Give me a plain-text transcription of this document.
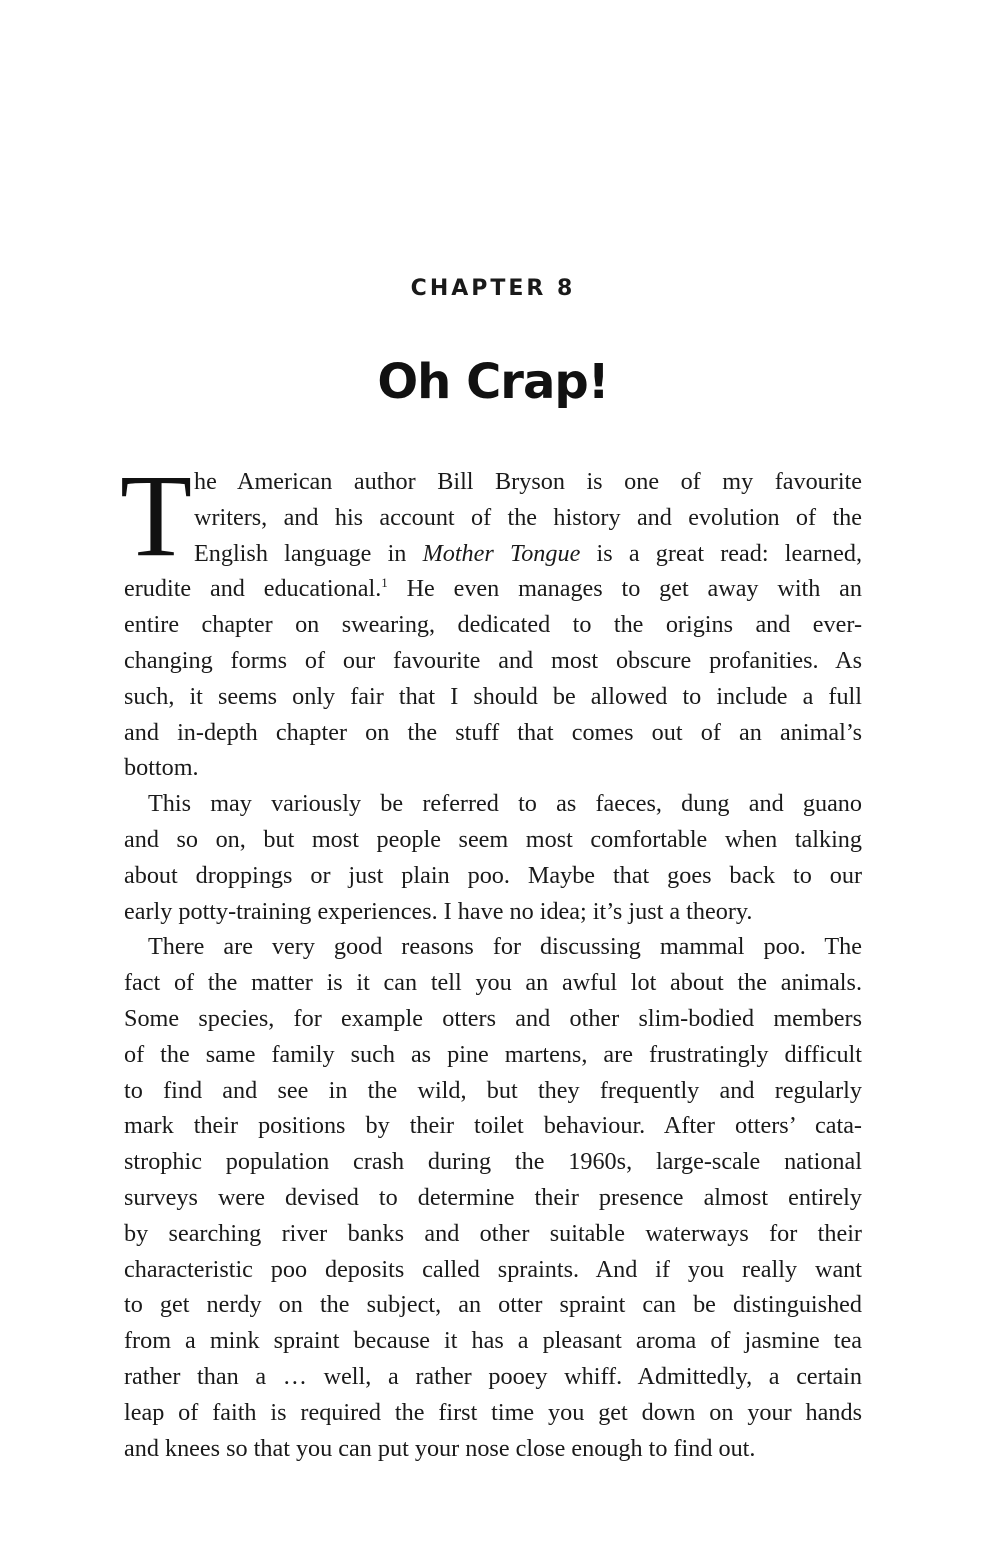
CHAPTER 8
Oh Crap!
T he American author Bill Bryson is one of my favourite
writers, and his account of the history and evolution of the
English language in Mother Tongue is a great read: learned,
erudite and educational.$^1$ He even manages to get away with an
entire chapter on swearing, dedicated to the origins and ever-
changing forms of our favourite and most obscure profanities. As
such, it seems only fair that I should be allowed to include a full
and in-depth chapter on the stuff that comes out of an animal’s
bottom.
This may variously be referred to as faeces, dung and guano
and so on, but most people seem most comfortable when talking
about droppings or just plain poo. Maybe that goes back to our
early potty-training experiences. I have no idea; it’s just a theory.
There are very good reasons for discussing mammal poo. The
fact of the matter is it can tell you an awful lot about the animals.
Some species, for example otters and other slim-bodied members
of the same family such as pine martens, are frustratingly difficult
to find and see in the wild, but they frequently and regularly
mark their positions by their toilet behaviour. After otters’ cata-
strophic population crash during the 1960s, large-scale national
surveys were devised to determine their presence almost entirely
by searching river banks and other suitable waterways for their
characteristic poo deposits called spraints. And if you really want
to get nerdy on the subject, an otter spraint can be distinguished
from a mink spraint because it has a pleasant aroma of jasmine tea
rather than a … well, a rather pooey whiff. Admittedly, a certain
leap of faith is required the first time you get down on your hands
and knees so that you can put your nose close enough to find out.
